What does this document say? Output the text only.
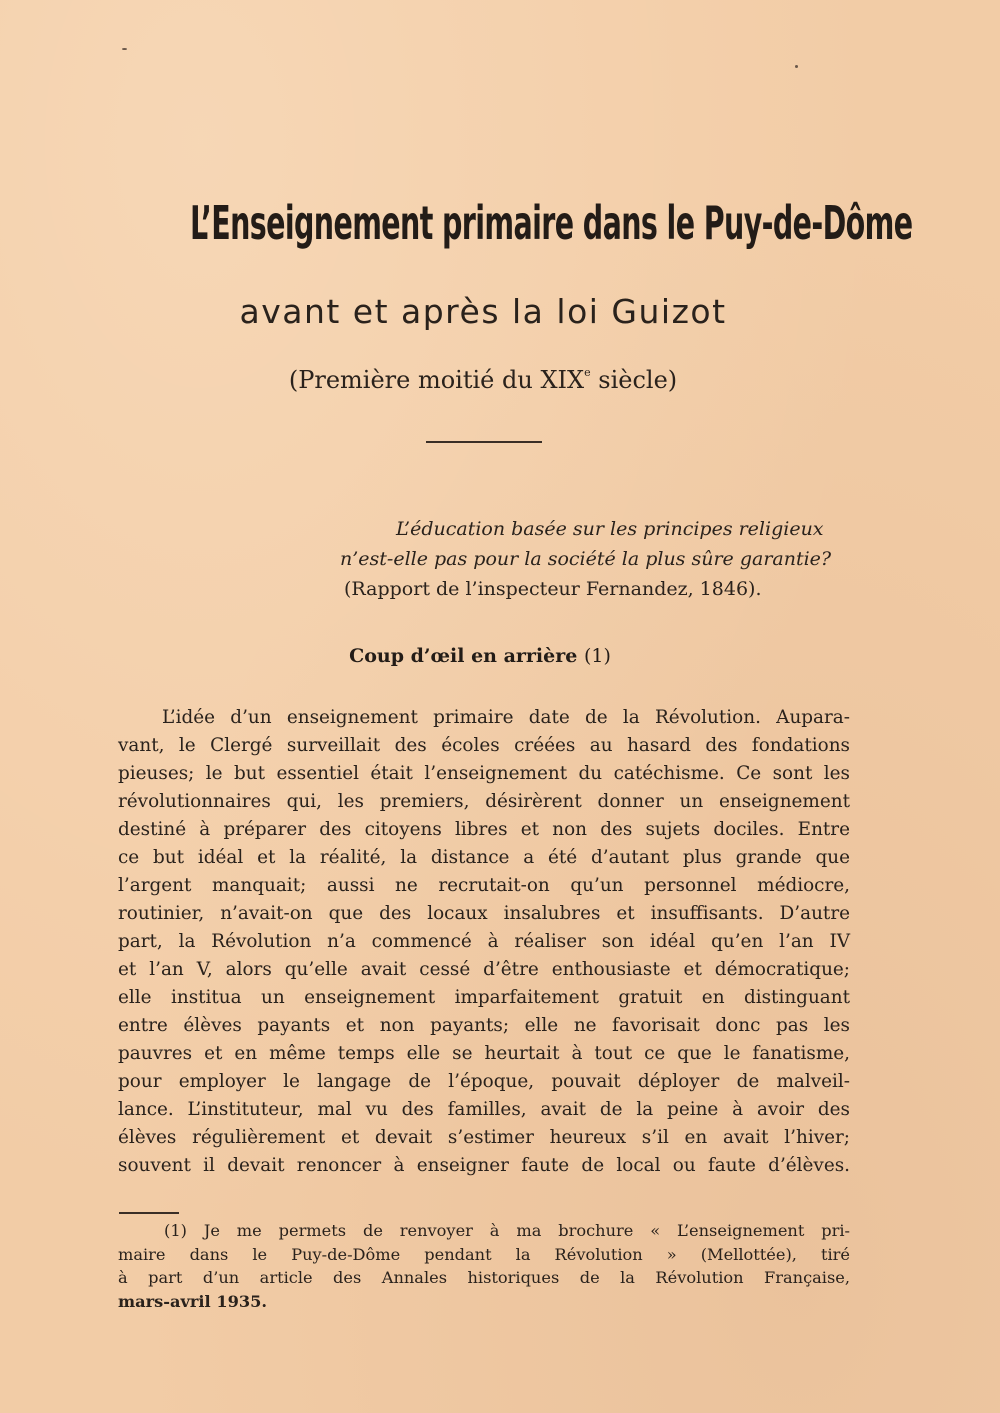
L’Enseignement primaire dans le Puy-de-Dôme
avant et après la loi Guizot
(Première moitié du XIXe siècle)
L’éducation basée sur les principes religieux
n’est-elle pas pour la société la plus sûre garantie?
(Rapport de l’inspecteur Fernandez, 1846).
Coup d’œil en arrière (1)
L’idée d’un enseignement primaire date de la Révolution. Aupara-
vant, le Clergé surveillait des écoles créées au hasard des fondations
pieuses; le but essentiel était l’enseignement du catéchisme. Ce sont les
révolutionnaires qui, les premiers, désirèrent donner un enseignement
destiné à préparer des citoyens libres et non des sujets dociles. Entre
ce but idéal et la réalité, la distance a été d’autant plus grande que
l’argent manquait; aussi ne recrutait-on qu’un personnel médiocre,
routinier, n’avait-on que des locaux insalubres et insuffisants. D’autre
part, la Révolution n’a commencé à réaliser son idéal qu’en l’an IV
et l’an V, alors qu’elle avait cessé d’être enthousiaste et démocratique;
elle institua un enseignement imparfaitement gratuit en distinguant
entre élèves payants et non payants; elle ne favorisait donc pas les
pauvres et en même temps elle se heurtait à tout ce que le fanatisme,
pour employer le langage de l’époque, pouvait déployer de malveil-
lance. L’instituteur, mal vu des familles, avait de la peine à avoir des
élèves régulièrement et devait s’estimer heureux s’il en avait l’hiver;
souvent il devait renoncer à enseigner faute de local ou faute d’élèves.
(1) Je me permets de renvoyer à ma brochure « L’enseignement pri-
maire dans le Puy-de-Dôme pendant la Révolution » (Mellottée), tiré
à part d’un article des Annales historiques de la Révolution Française,
mars-avril 1935.
